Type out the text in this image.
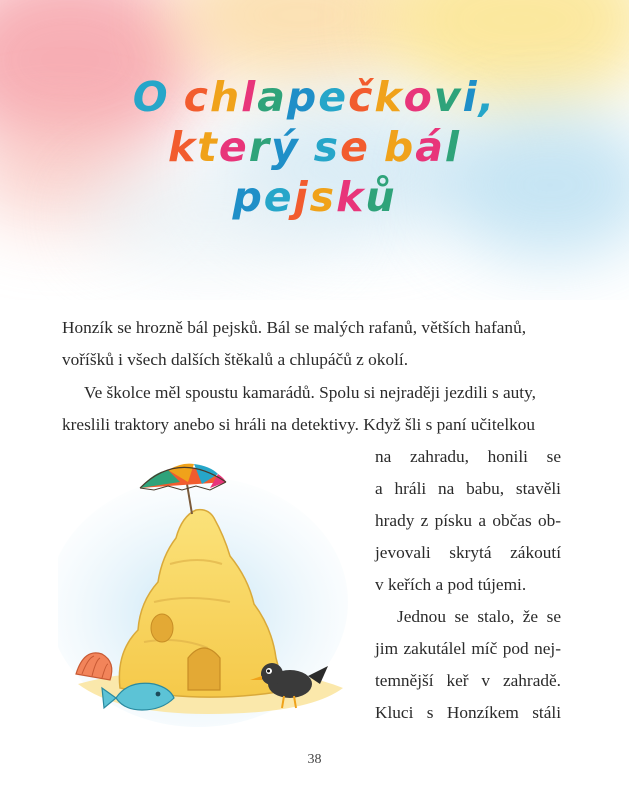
O chlapečkovi,
který se bál
pejsků
Honzík se hrozně bál pejsků. Bál se malých rafanů, větších hafanů,
voříšků i všech dalších štěkalů a chlupáčů z okolí.
Ve školce měl spoustu kamarádů. Spolu si nejraději jezdili s auty,
kreslili traktory anebo si hráli na detektivy. Když šli s paní učitelkou
na zahradu, honili se
a hráli na babu, stavěli
hrady z písku a občas ob-
jevovali skrytá zákoutí
v keřích a pod tújemi.
Jednou se stalo, že se
jim zakutálel míč pod nej-
temnější keř v zahradě.
Kluci s Honzíkem stáli
38
